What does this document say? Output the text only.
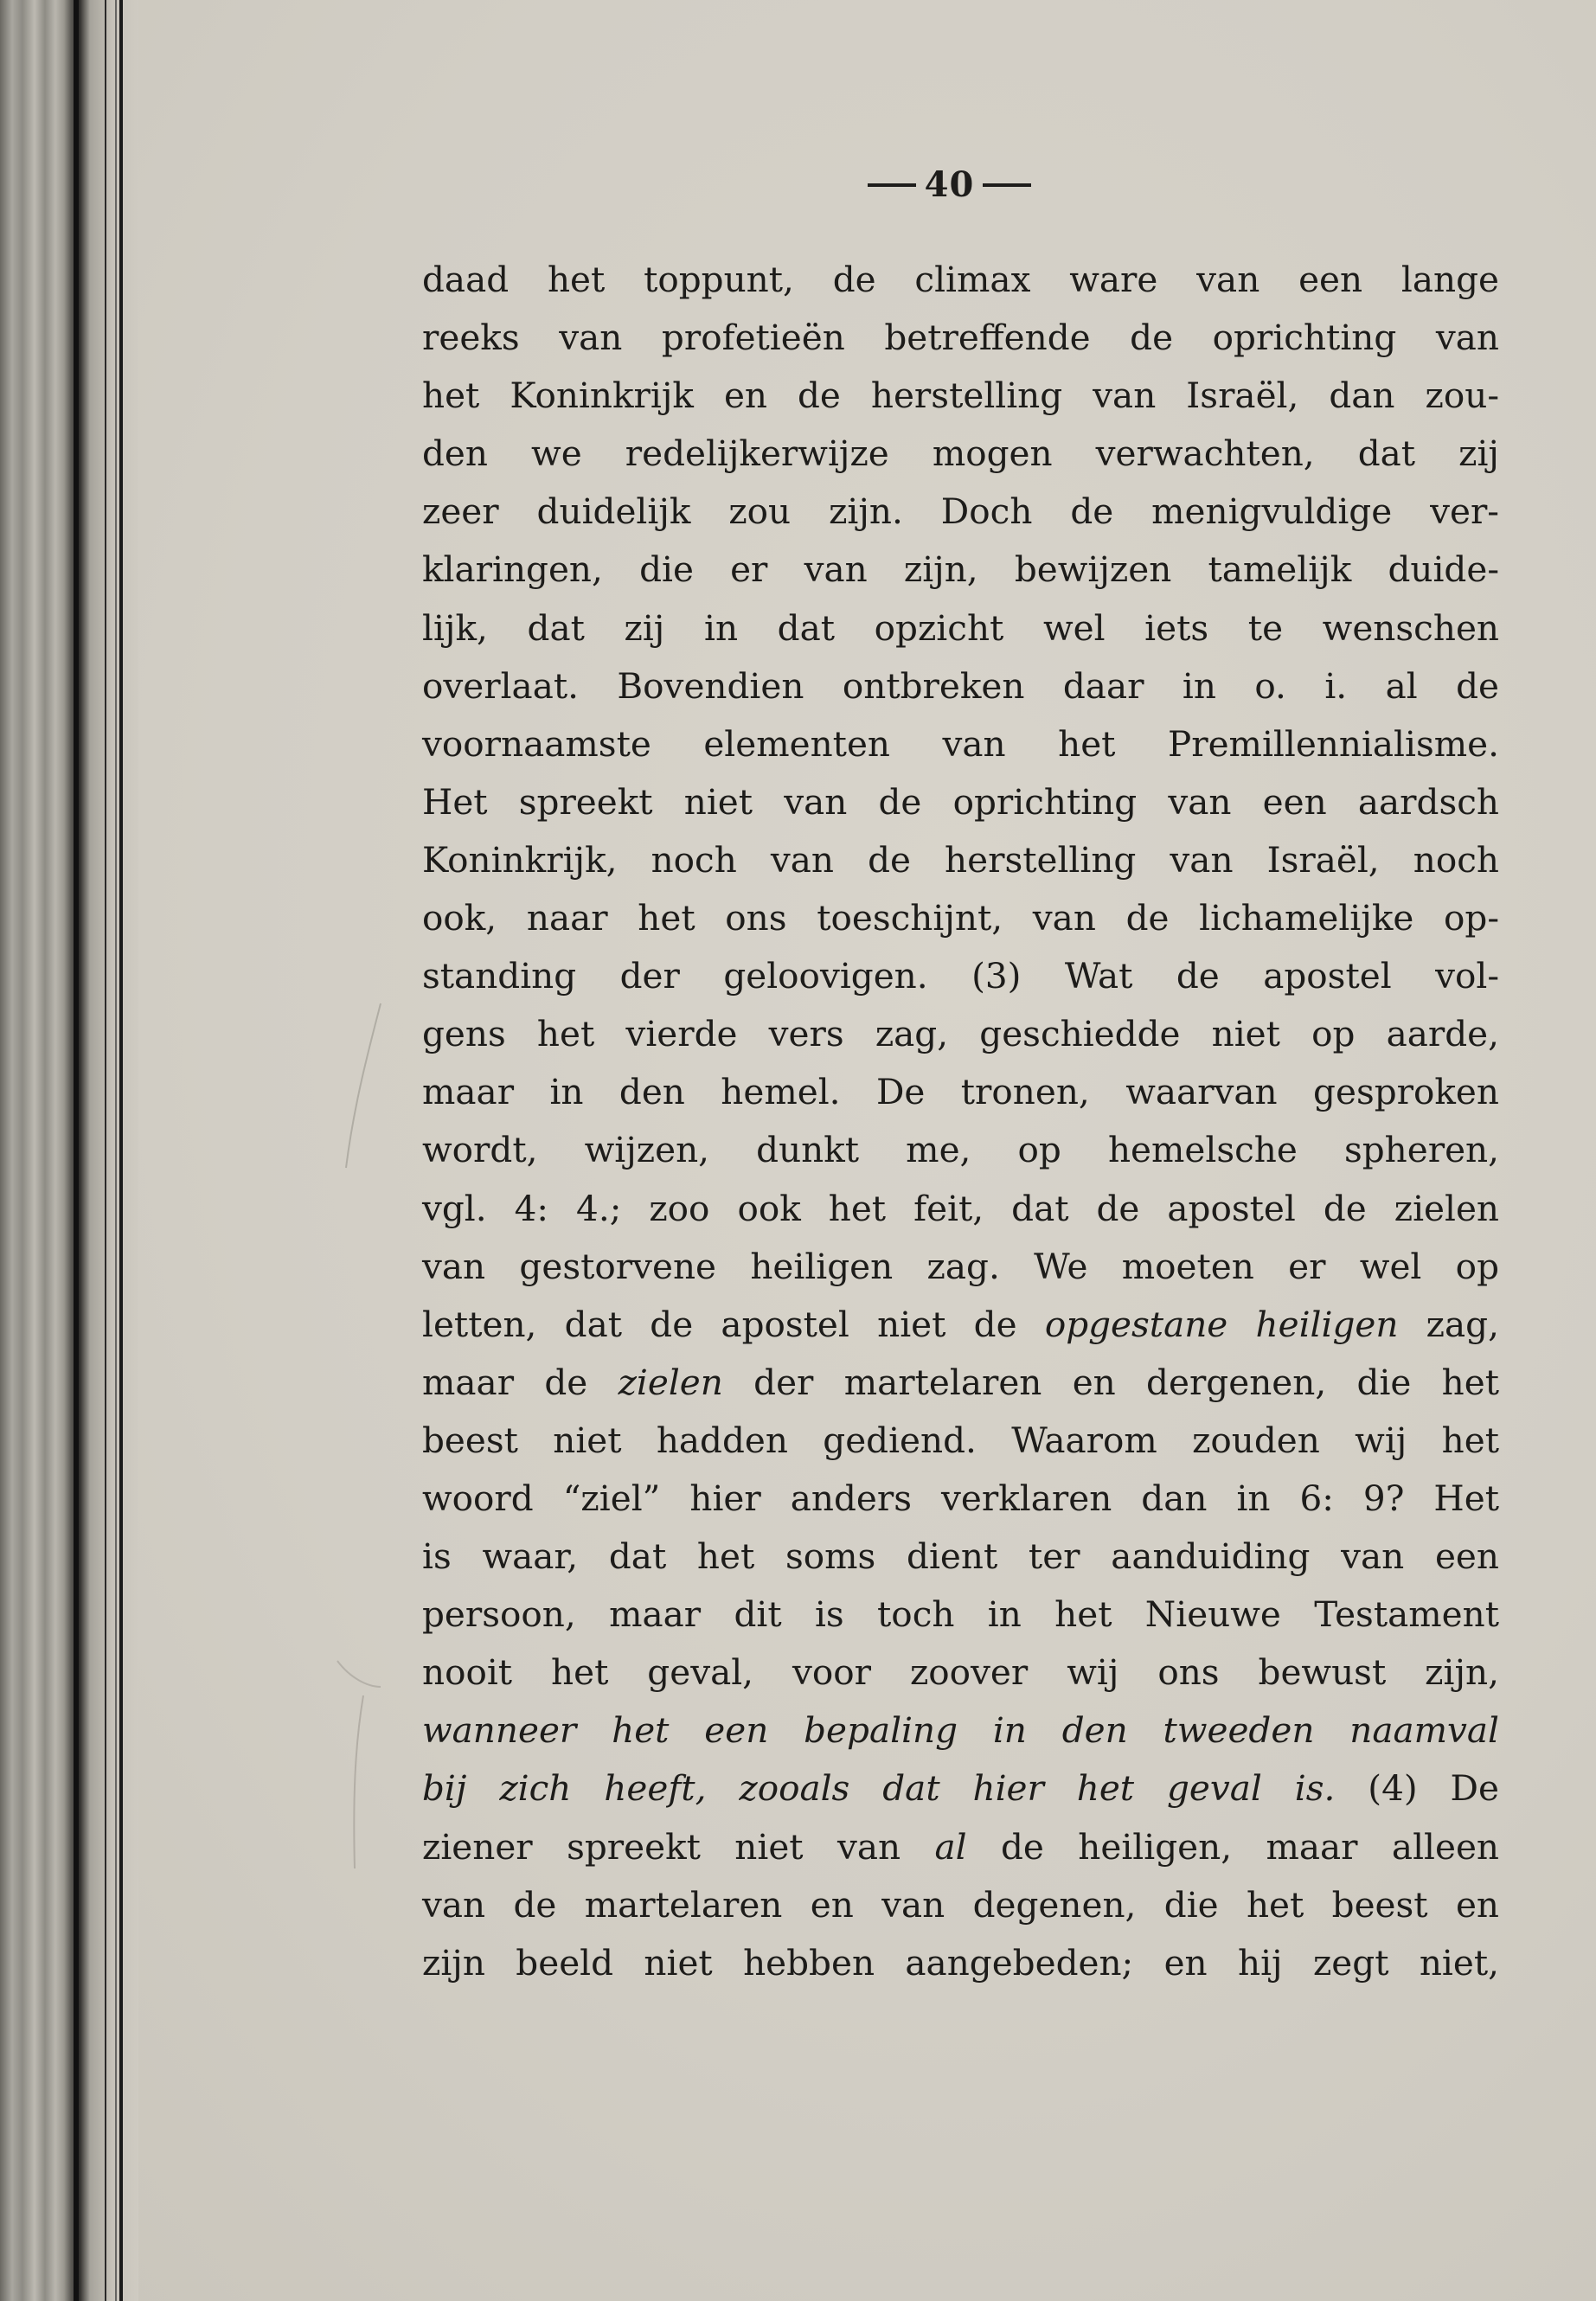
40
daad het toppunt, de climax ware van een lange
reeks van profetieën betreffende de oprichting van
het Koninkrijk en de herstelling van Israël, dan zou-
den we redelijkerwijze mogen verwachten, dat zij
zeer duidelijk zou zijn. Doch de menigvuldige ver-
klaringen, die er van zijn, bewijzen tamelijk duide-
lijk, dat zij in dat opzicht wel iets te wenschen
overlaat. Bovendien ontbreken daar in o. i. al de
voornaamste elementen van het Premillennialisme.
Het spreekt niet van de oprichting van een aardsch
Koninkrijk, noch van de herstelling van Israël, noch
ook, naar het ons toeschijnt, van de lichamelijke op-
standing der geloovigen. (3) Wat de apostel vol-
gens het vierde vers zag, geschiedde niet op aarde,
maar in den hemel. De tronen, waarvan gesproken
wordt, wijzen, dunkt me, op hemelsche spheren,
vgl. 4: 4.; zoo ook het feit, dat de apostel de zielen
van gestorvene heiligen zag. We moeten er wel op
letten, dat de apostel niet de opgestane heiligen zag,
maar de zielen der martelaren en dergenen, die het
beest niet hadden gediend. Waarom zouden wij het
woord “ziel” hier anders verklaren dan in 6: 9? Het
is waar, dat het soms dient ter aanduiding van een
persoon, maar dit is toch in het Nieuwe Testament
nooit het geval, voor zoover wij ons bewust zijn,
wanneer het een bepaling in den tweeden naamval
bij zich heeft, zooals dat hier het geval is. (4) De
ziener spreekt niet van al de heiligen, maar alleen
van de martelaren en van degenen, die het beest en
zijn beeld niet hebben aangebeden; en hij zegt niet,
